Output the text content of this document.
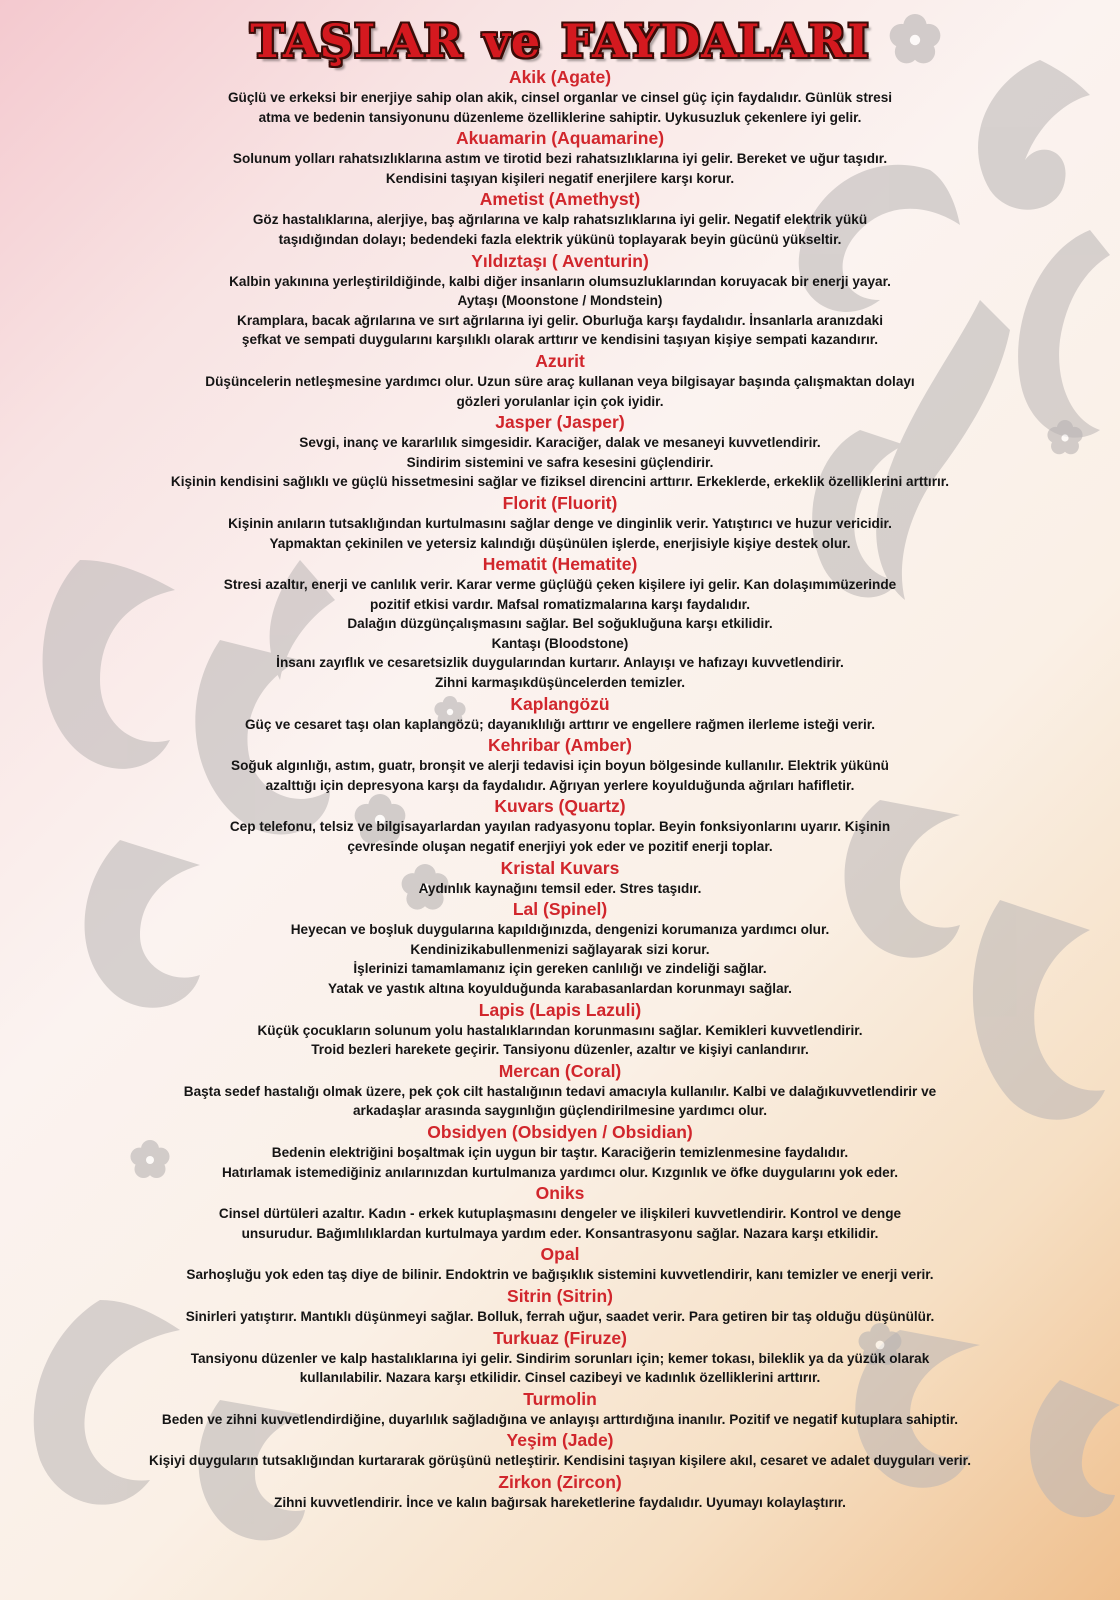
TAŞLAR ve FAYDALARI
Akik (Agate)
Güçlü ve erkeksi bir enerjiye sahip olan akik, cinsel organlar ve cinsel güç için faydalıdır. Günlük stresi
atma ve bedenin tansiyonunu düzenleme özelliklerine sahiptir. Uykusuzluk çekenlere iyi gelir.
Akuamarin (Aquamarine)
Solunum yolları rahatsızlıklarına astım ve tirotid bezi rahatsızlıklarına iyi gelir. Bereket ve uğur taşıdır.
Kendisini taşıyan kişileri negatif enerjilere karşı korur.
Ametist (Amethyst)
Göz hastalıklarına, alerjiye, baş ağrılarına ve kalp rahatsızlıklarına iyi gelir. Negatif elektrik yükü
taşıdığından dolayı; bedendeki fazla elektrik yükünü toplayarak beyin gücünü yükseltir.
Yıldıztaşı ( Aventurin)
Kalbin yakınına yerleştirildiğinde, kalbi diğer insanların olumsuzluklarından koruyacak bir enerji yayar.
Aytaşı (Moonstone / Mondstein)
Kramplara, bacak ağrılarına ve sırt ağrılarına iyi gelir. Oburluğa karşı faydalıdır. İnsanlarla aranızdaki
şefkat ve sempati duygularını karşılıklı olarak arttırır ve kendisini taşıyan kişiye sempati kazandırır.
Azurit
Düşüncelerin netleşmesine yardımcı olur. Uzun süre araç kullanan veya bilgisayar başında çalışmaktan dolayı
gözleri yorulanlar için çok iyidir.
Jasper (Jasper)
Sevgi, inanç ve kararlılık simgesidir. Karaciğer, dalak ve mesaneyi kuvvetlendirir.
Sindirim sistemini ve safra kesesini güçlendirir.
Kişinin kendisini sağlıklı ve güçlü hissetmesini sağlar ve fiziksel direncini arttırır. Erkeklerde, erkeklik özelliklerini arttırır.
Florit (Fluorit)
Kişinin anıların tutsaklığından kurtulmasını sağlar denge ve dinginlik verir. Yatıştırıcı ve huzur vericidir.
Yapmaktan çekinilen ve yetersiz kalındığı düşünülen işlerde, enerjisiyle kişiye destek olur.
Hematit (Hematite)
Stresi azaltır, enerji ve canlılık verir. Karar verme güçlüğü çeken kişilere iyi gelir. Kan dolaşımımüzerinde
pozitif etkisi vardır. Mafsal romatizmalarına karşı faydalıdır.
Dalağın düzgünçalışmasını sağlar. Bel soğukluğuna karşı etkilidir.
Kantaşı (Bloodstone)
İnsanı zayıflık ve cesaretsizlik duygularından kurtarır. Anlayışı ve hafızayı kuvvetlendirir.
Zihni karmaşıkdüşüncelerden temizler.
Kaplangözü
Güç ve cesaret taşı olan kaplangözü; dayanıklılığı arttırır ve engellere rağmen ilerleme isteği verir.
Kehribar (Amber)
Soğuk algınlığı, astım, guatr, bronşit ve alerji tedavisi için boyun bölgesinde kullanılır. Elektrik yükünü
azalttığı için depresyona karşı da faydalıdır. Ağrıyan yerlere koyulduğunda ağrıları hafifletir.
Kuvars (Quartz)
Cep telefonu, telsiz ve bilgisayarlardan yayılan radyasyonu toplar. Beyin fonksiyonlarını uyarır. Kişinin
çevresinde oluşan negatif enerjiyi yok eder ve pozitif enerji toplar.
Kristal Kuvars
Aydınlık kaynağını temsil eder. Stres taşıdır.
Lal (Spinel)
Heyecan ve boşluk duygularına kapıldığınızda, dengenizi korumanıza yardımcı olur.
Kendinizikabullenmenizi sağlayarak sizi korur.
İşlerinizi tamamlamanız için gereken canlılığı ve zindeliği sağlar.
Yatak ve yastık altına koyulduğunda karabasanlardan korunmayı sağlar.
Lapis (Lapis Lazuli)
Küçük çocukların solunum yolu hastalıklarından korunmasını sağlar. Kemikleri kuvvetlendirir.
Troid bezleri harekete geçirir. Tansiyonu düzenler, azaltır ve kişiyi canlandırır.
Mercan (Coral)
Başta sedef hastalığı olmak üzere, pek çok cilt hastalığının tedavi amacıyla kullanılır. Kalbi ve dalağıkuvvetlendirir ve
arkadaşlar arasında saygınlığın güçlendirilmesine yardımcı olur.
Obsidyen (Obsidyen / Obsidian)
Bedenin elektriğini boşaltmak için uygun bir taştır. Karaciğerin temizlenmesine faydalıdır.
Hatırlamak istemediğiniz anılarınızdan kurtulmanıza yardımcı olur. Kızgınlık ve öfke duygularını yok eder.
Oniks
Cinsel dürtüleri azaltır. Kadın - erkek kutuplaşmasını dengeler ve ilişkileri kuvvetlendirir. Kontrol ve denge
unsurudur. Bağımlılıklardan kurtulmaya yardım eder. Konsantrasyonu sağlar. Nazara karşı etkilidir.
Opal
Sarhoşluğu yok eden taş diye de bilinir. Endoktrin ve bağışıklık sistemini kuvvetlendirir, kanı temizler ve enerji verir.
Sitrin (Sitrin)
Sinirleri yatıştırır. Mantıklı düşünmeyi sağlar. Bolluk, ferrah uğur, saadet verir. Para getiren bir taş olduğu düşünülür.
Turkuaz (Firuze)
Tansiyonu düzenler ve kalp hastalıklarına iyi gelir. Sindirim sorunları için; kemer tokası, bileklik ya da yüzük olarak
kullanılabilir. Nazara karşı etkilidir. Cinsel cazibeyi ve kadınlık özelliklerini arttırır.
Turmolin
Beden ve zihni kuvvetlendirdiğine, duyarlılık sağladığına ve anlayışı arttırdığına inanılır. Pozitif ve negatif kutuplara sahiptir.
Yeşim (Jade)
Kişiyi duyguların tutsaklığından kurtararak görüşünü netleştirir. Kendisini taşıyan kişilere akıl, cesaret ve adalet duyguları verir.
Zirkon (Zircon)
Zihni kuvvetlendirir. İnce ve kalın bağırsak hareketlerine faydalıdır. Uyumayı kolaylaştırır.
